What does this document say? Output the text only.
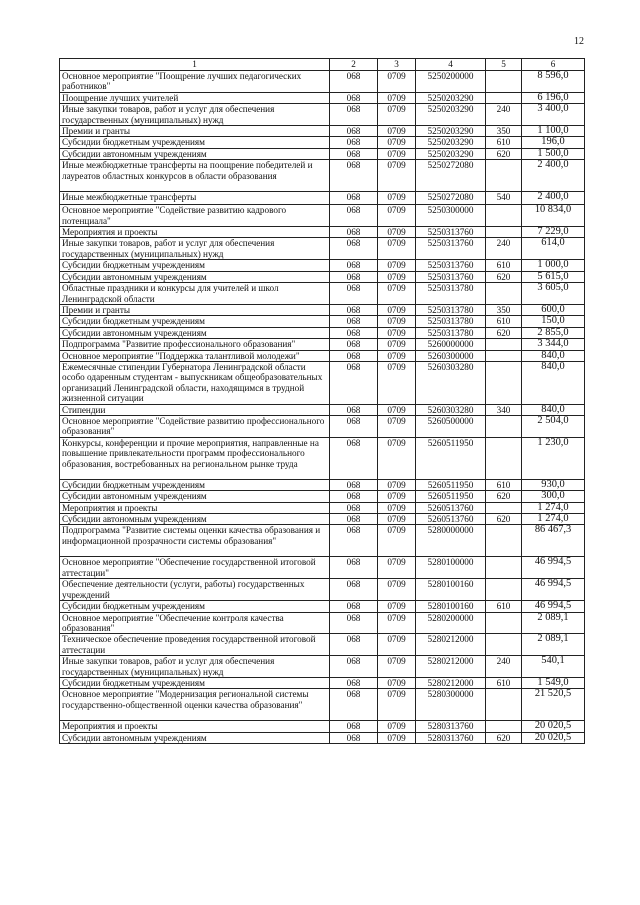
12
1	2	3	4	5	6
Основное мероприятие "Поощрение лучших педагогических работников"	068	0709	5250200000		8 596,0
Поощрение лучших учителей	068	0709	5250203290		6 196,0
Иные закупки товаров, работ и услуг для обеспечения государственных (муниципальных) нужд	068	0709	5250203290	240	3 400,0
Премии и гранты	068	0709	5250203290	350	1 100,0
Субсидии бюджетным учреждениям	068	0709	5250203290	610	196,0
Субсидии автономным учреждениям	068	0709	5250203290	620	1 500,0
Иные межбюджетные трансферты на поощрение победителей и лауреатов областных конкурсов в области образования	068	0709	5250272080		2 400,0
Иные межбюджетные трансферты	068	0709	5250272080	540	2 400,0
Основное мероприятие "Содействие развитию кадрового потенциала"	068	0709	5250300000		10 834,0
Мероприятия и проекты	068	0709	5250313760		7 229,0
Иные закупки товаров, работ и услуг для обеспечения государственных (муниципальных) нужд	068	0709	5250313760	240	614,0
Субсидии бюджетным учреждениям	068	0709	5250313760	610	1 000,0
Субсидии автономным учреждениям	068	0709	5250313760	620	5 615,0
Областные праздники и конкурсы для учителей и школ Ленинградской области	068	0709	5250313780		3 605,0
Премии и гранты	068	0709	5250313780	350	600,0
Субсидии бюджетным учреждениям	068	0709	5250313780	610	150,0
Субсидии автономным учреждениям	068	0709	5250313780	620	2 855,0
Подпрограмма "Развитие профессионального образования"	068	0709	5260000000		3 344,0
Основное мероприятие "Поддержка талантливой молодежи"	068	0709	5260300000		840,0
Ежемесячные стипендии Губернатора Ленинградской области особо одаренным студентам - выпускникам общеобразовательных организаций Ленинградской области, находящимся в трудной жизненной ситуации	068	0709	5260303280		840,0
Стипендии	068	0709	5260303280	340	840,0
Основное мероприятие "Содействие развитию профессионального образования"	068	0709	5260500000		2 504,0
Конкурсы, конференции и прочие мероприятия, направленные на повышение привлекательности программ профессионального образования, востребованных на региональном рынке труда	068	0709	5260511950		1 230,0
Субсидии бюджетным учреждениям	068	0709	5260511950	610	930,0
Субсидии автономным учреждениям	068	0709	5260511950	620	300,0
Мероприятия и проекты	068	0709	5260513760		1 274,0
Субсидии автономным учреждениям	068	0709	5260513760	620	1 274,0
Подпрограмма "Развитие системы оценки качества образования и информационной прозрачности системы образования"	068	0709	5280000000		86 467,3
Основное мероприятие "Обеспечение государственной итоговой аттестации"	068	0709	5280100000		46 994,5
Обеспечение деятельности (услуги, работы) государственных учреждений	068	0709	5280100160		46 994,5
Субсидии бюджетным учреждениям	068	0709	5280100160	610	46 994,5
Основное мероприятие "Обеспечение контроля качества образования"	068	0709	5280200000		2 089,1
Техническое обеспечение проведения государственной итоговой аттестации	068	0709	5280212000		2 089,1
Иные закупки товаров, работ и услуг для обеспечения государственных (муниципальных) нужд	068	0709	5280212000	240	540,1
Субсидии бюджетным учреждениям	068	0709	5280212000	610	1 549,0
Основное мероприятие "Модернизация региональной системы государственно-общественной оценки качества образования"	068	0709	5280300000		21 520,5
Мероприятия и проекты	068	0709	5280313760		20 020,5
Субсидии автономным учреждениям	068	0709	5280313760	620	20 020,5
